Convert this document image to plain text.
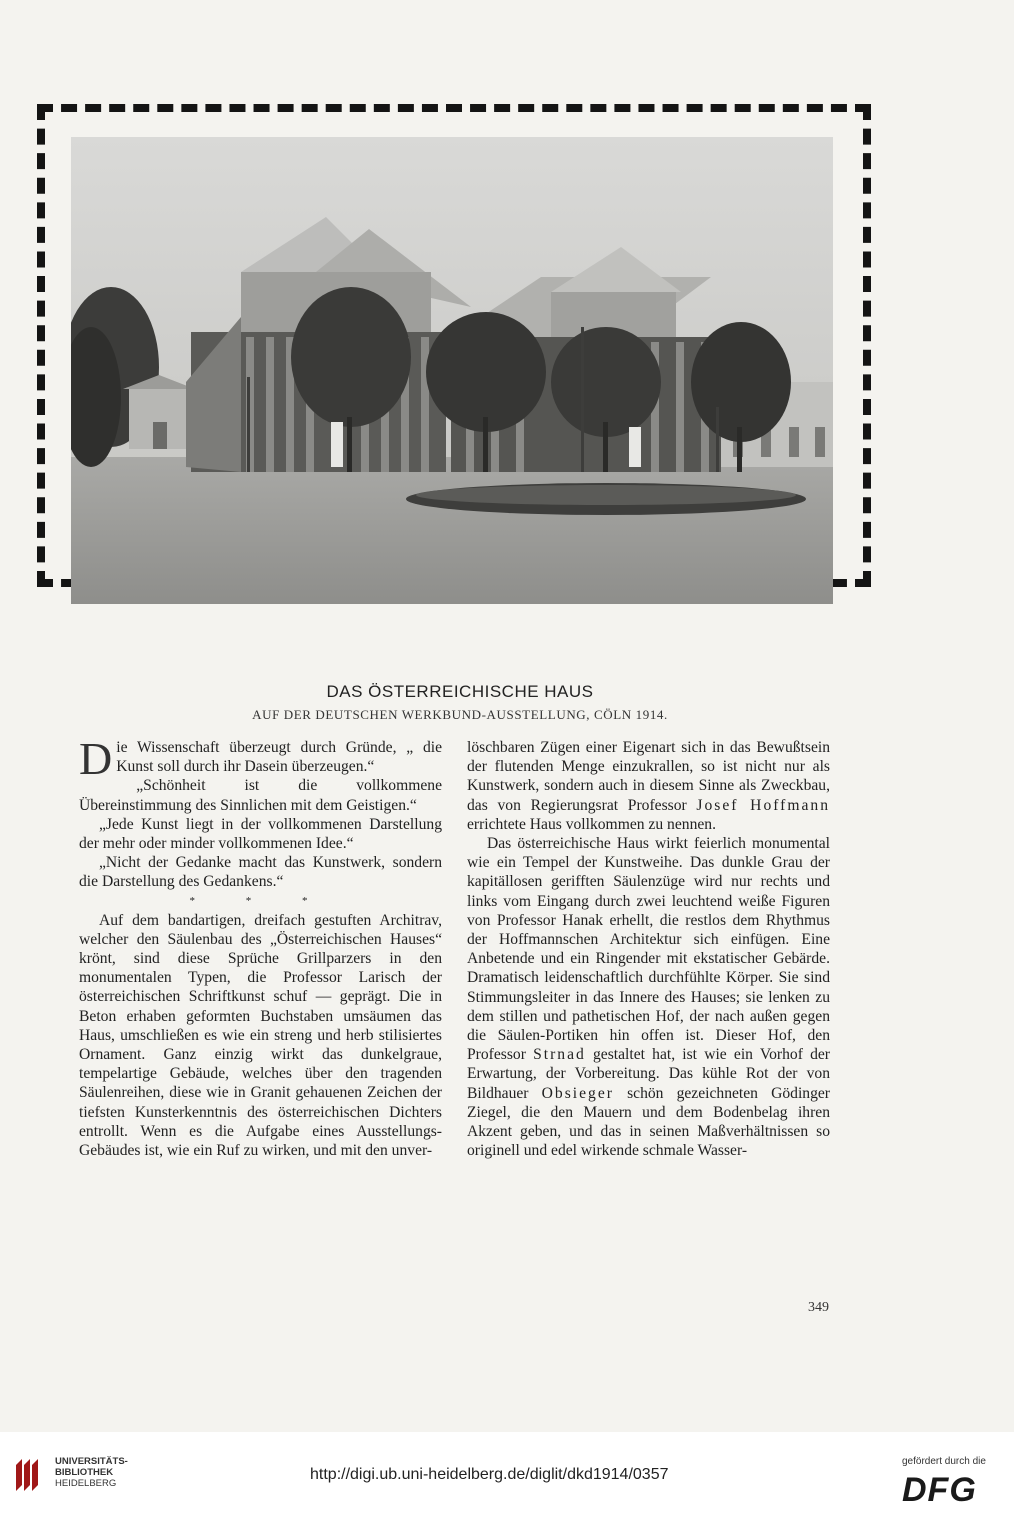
DAS ÖSTERREICHISCHE HAUS
AUF DER DEUTSCHEN WERKBUND-AUSSTELLUNG, CÖLN 1914.

Die Wissenschaft überzeugt durch Gründe, „ die Kunst soll durch ihr Dasein überzeugen.“

„Schönheit ist die vollkommene Übereinstimmung des Sinnlichen mit dem Geistigen.“

„Jede Kunst liegt in der vollkommenen Darstellung der mehr oder minder vollkommenen Idee.“

„Nicht der Gedanke macht das Kunstwerk, sondern die Darstellung des Gedankens.“

* * *

Auf dem bandartigen, dreifach gestuften Architrav, welcher den Säulenbau des „Österreichischen Hauses“ krönt, sind diese Sprüche Grillparzers in den monumentalen Typen, die Professor Larisch der österreichischen Schriftkunst schuf — geprägt. Die in Beton erhaben geformten Buchstaben umsäumen das Haus, umschließen es wie ein streng und herb stilisiertes Ornament. Ganz einzig wirkt das dunkelgraue, tempelartige Gebäude, welches über den tragenden Säulenreihen, diese wie in Granit gehauenen Zeichen der tiefsten Kunsterkenntnis des österreichischen Dichters entrollt. Wenn es die Aufgabe eines Ausstellungs-Gebäudes ist, wie ein Ruf zu wirken, und mit den unver-

löschbaren Zügen einer Eigenart sich in das Bewußtsein der flutenden Menge einzukrallen, so ist nicht nur als Kunstwerk, sondern auch in diesem Sinne als Zweckbau, das von Regierungsrat Professor Josef Hoffmann errichtete Haus vollkommen zu nennen.

Das österreichische Haus wirkt feierlich monumental wie ein Tempel der Kunstweihe. Das dunkle Grau der kapitällosen gerifften Säulenzüge wird nur rechts und links vom Eingang durch zwei leuchtend weiße Figuren von Professor Hanak erhellt, die restlos dem Rhythmus der Hoffmannschen Architektur sich einfügen. Eine Anbetende und ein Ringender mit ekstatischer Gebärde. Dramatisch leidenschaftlich durchfühlte Körper. Sie sind Stimmungsleiter in das Innere des Hauses; sie lenken zu dem stillen und pathetischen Hof, der nach außen gegen die Säulen-Portiken hin offen ist. Dieser Hof, den Professor Strnad gestaltet hat, ist wie ein Vorhof der Erwartung, der Vorbereitung. Das kühle Rot der von Bildhauer Obsieger schön gezeichneten Gödinger Ziegel, die den Mauern und dem Bodenbelag ihren Akzent geben, und das in seinen Maßverhältnissen so originell und edel wirkende schmale Wasser-

349
UNIVERSITÄTS-
BIBLIOTHEK
HEIDELBERG
http://digi.ub.uni-heidelberg.de/diglit/dkd1914/0357
gefördert durch die
DFG
